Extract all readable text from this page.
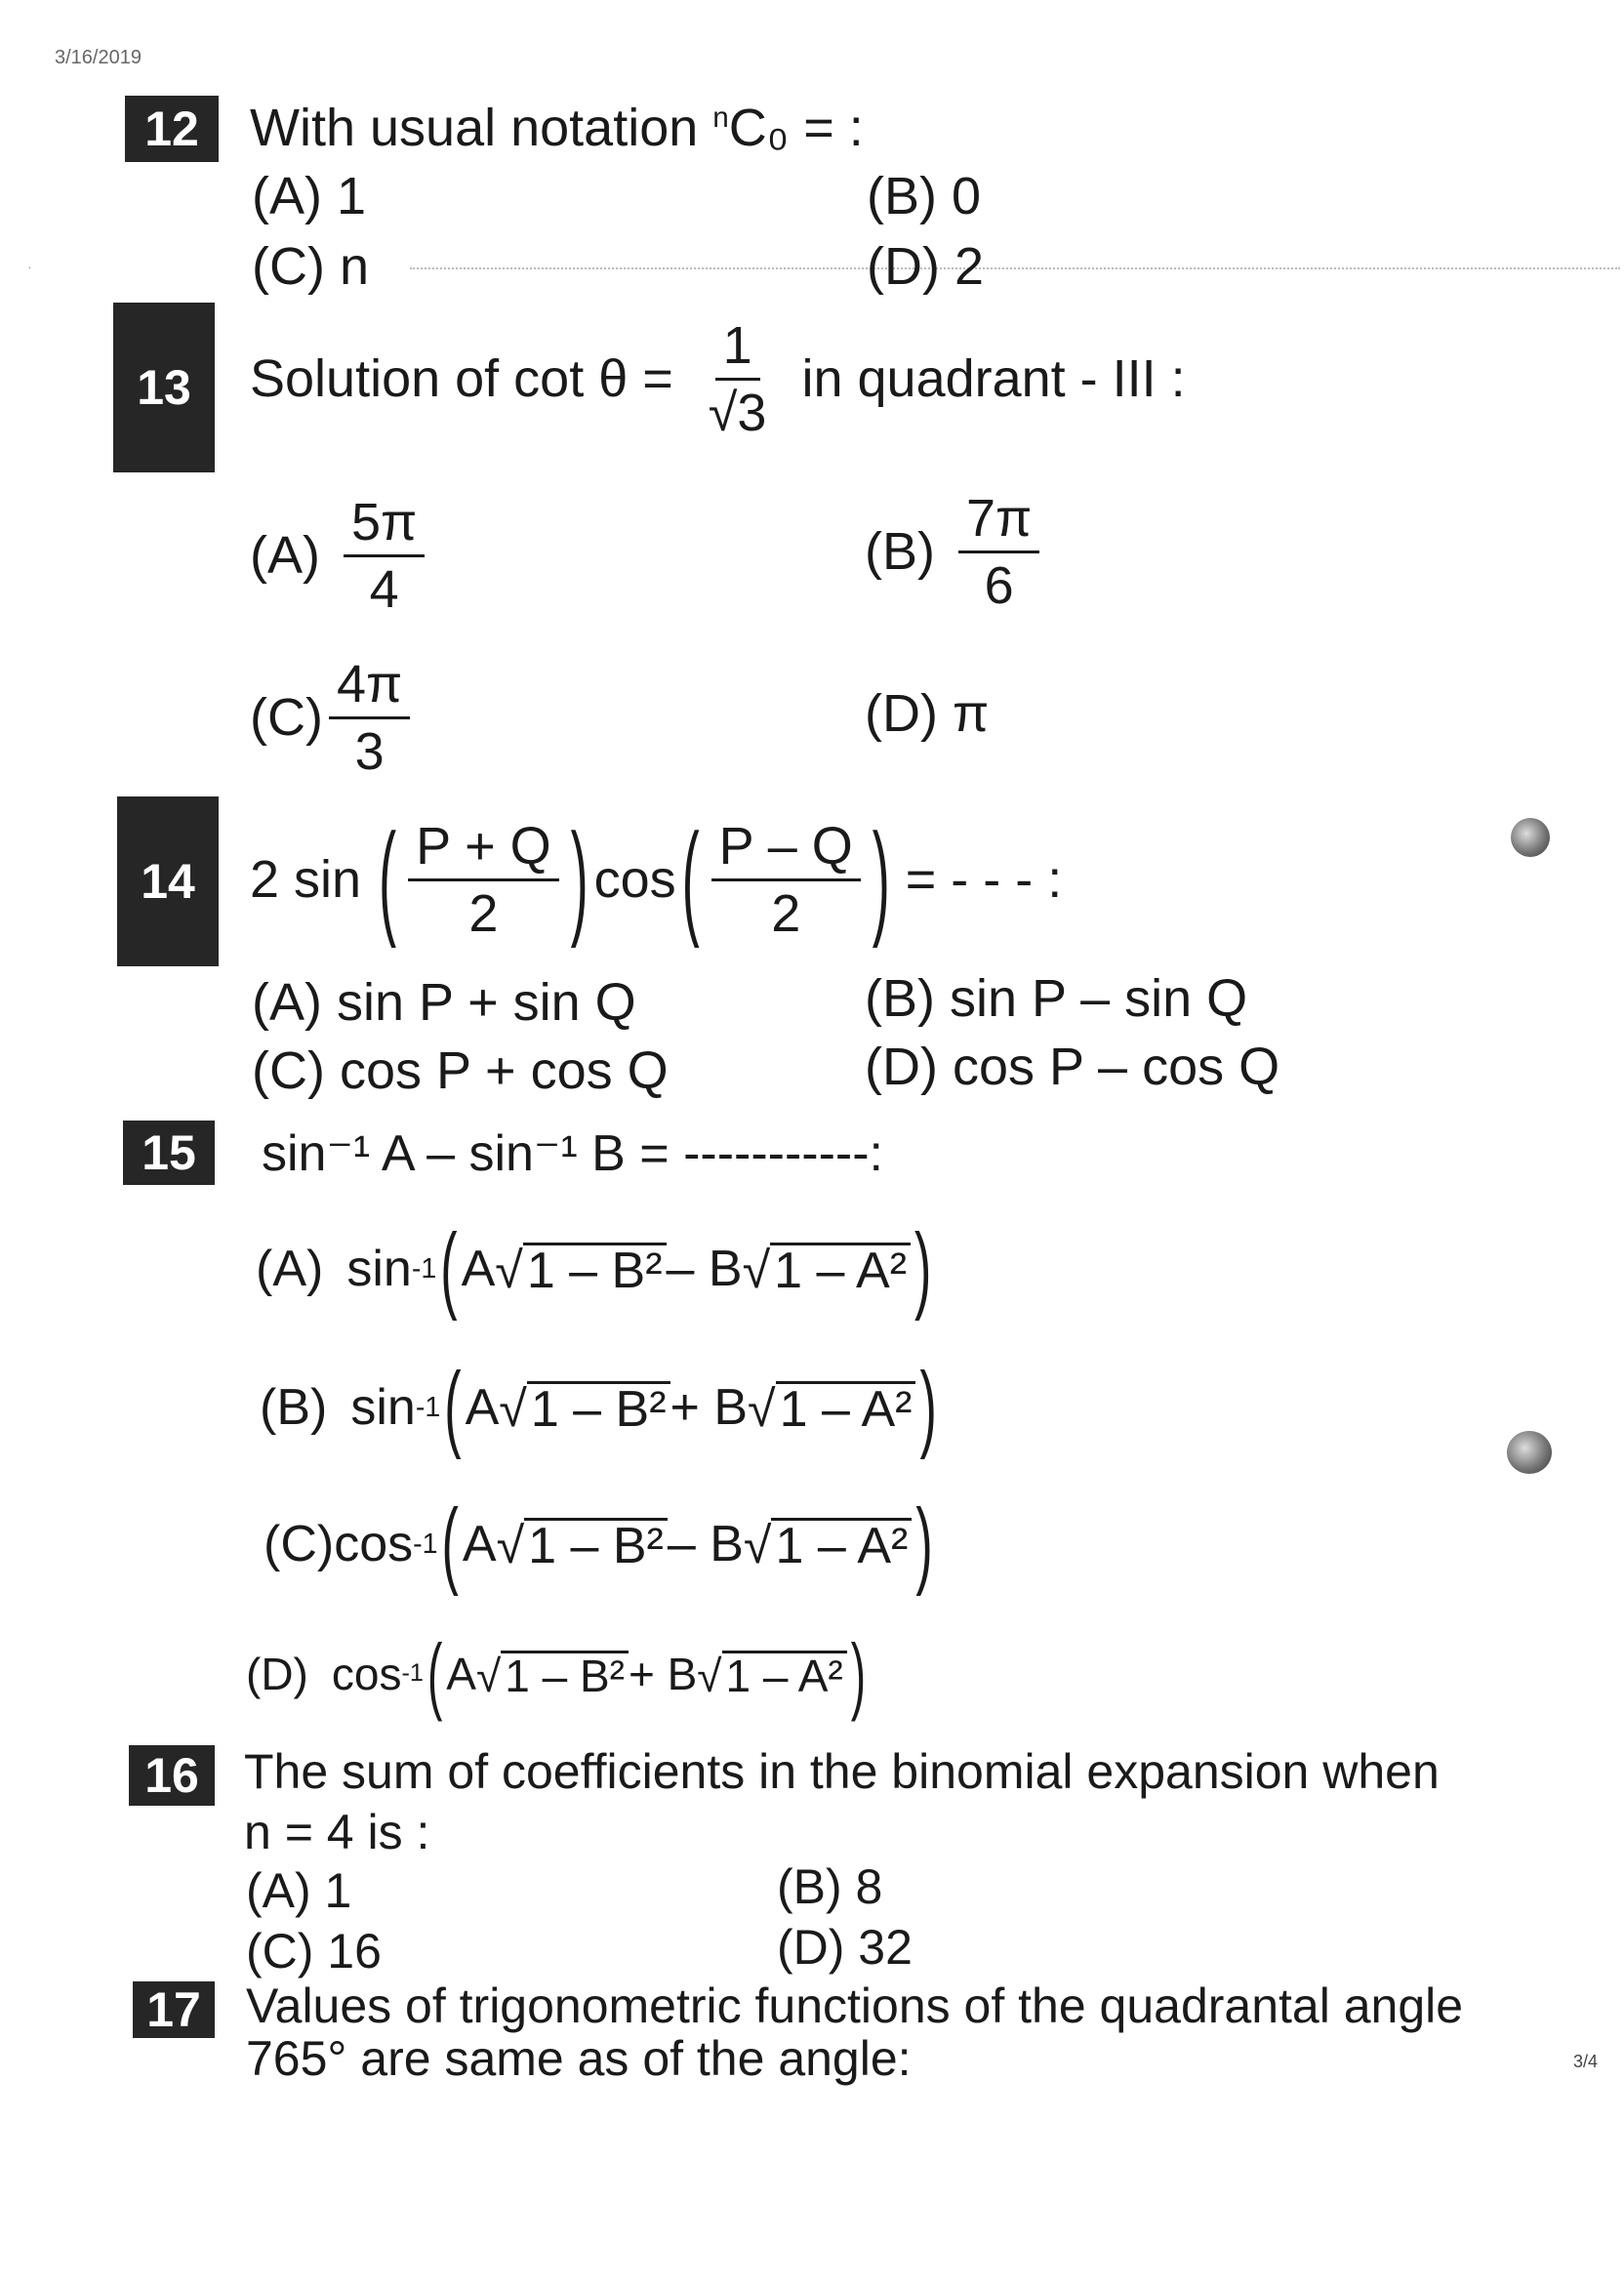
3/16/2019
·
12 With usual notation $^n$C₀ = :
(A) 1	(B) 0
(C) n	(D) 2
13	Solution of $\cot \theta = \frac{1}{√3}$ in quadrant - III :
$(A) \frac{5\pi}{4}$	$(B) \frac{7\pi}{6}$
$(C) \frac{4\pi}{3}$	(D) π
14	2 sin ( $\frac{P + Q}{2}$ ) cos ( $\frac{P - Q}{2}$ ) = - - - :
(A) sin P + sin Q	(B) sin P – sin Q
(C) cos P + cos Q	(D) cos P – cos Q
15	sin⁻¹ A – sin⁻¹ B = -----------:
(A) sin -1 ( A √1 – B² – B √1 – A² )
(B) sin -1 ( A √1 – B² + B √1 – A² )
(C) cos -1 ( A √1 – B² – B √1 – A² )
(D) cos -1 ( A √1 – B² + B √1 – A² )
16 The sum of coefficients in the binomial expansion when
n = 4 is :
(A) 1	(B) 8
(C) 16	(D) 32
17 Values of trigonometric functions of the quadrantal angle
765° are same as of the angle:	3/4
